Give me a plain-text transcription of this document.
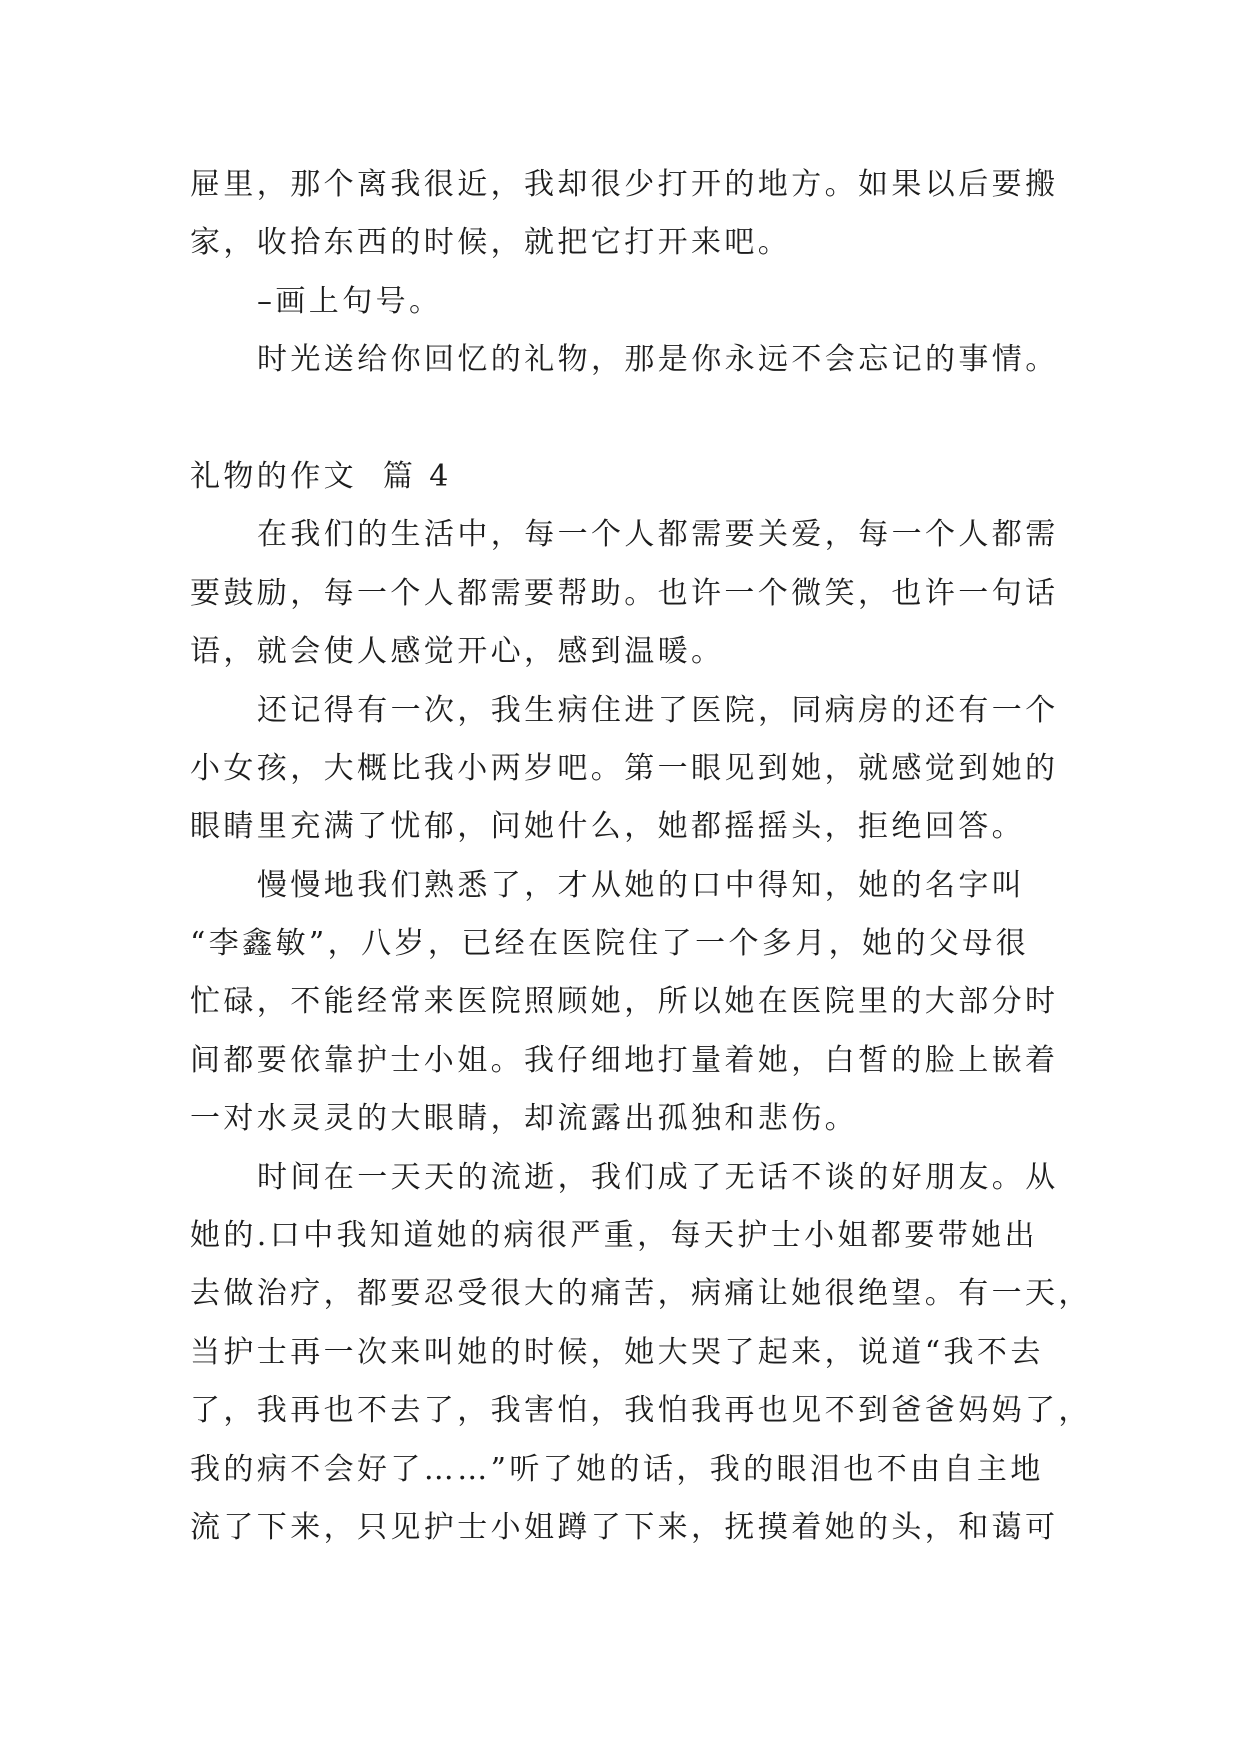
屉里，那个离我很近，我却很少打开的地方。如果以后要搬
家，收拾东西的时候，就把它打开来吧。
–画上句号。
时光送给你回忆的礼物，那是你永远不会忘记的事情。
礼物的作文  篇 4
在我们的生活中，每一个人都需要关爱，每一个人都需
要鼓励，每一个人都需要帮助。也许一个微笑，也许一句话
语，就会使人感觉开心，感到温暖。
还记得有一次，我生病住进了医院，同病房的还有一个
小女孩，大概比我小两岁吧。第一眼见到她，就感觉到她的
眼睛里充满了忧郁，问她什么，她都摇摇头，拒绝回答。
慢慢地我们熟悉了，才从她的口中得知，她的名字叫
“李鑫敏”，八岁，已经在医院住了一个多月，她的父母很
忙碌，不能经常来医院照顾她，所以她在医院里的大部分时
间都要依靠护士小姐。我仔细地打量着她，白皙的脸上嵌着
一对水灵灵的大眼睛，却流露出孤独和悲伤。
时间在一天天的流逝，我们成了无话不谈的好朋友。从
她的.口中我知道她的病很严重，每天护士小姐都要带她出
去做治疗，都要忍受很大的痛苦，病痛让她很绝望。有一天，
当护士再一次来叫她的时候，她大哭了起来，说道“我不去
了，我再也不去了，我害怕，我怕我再也见不到爸爸妈妈了，
我的病不会好了……”听了她的话，我的眼泪也不由自主地
流了下来，只见护士小姐蹲了下来，抚摸着她的头，和蔼可
